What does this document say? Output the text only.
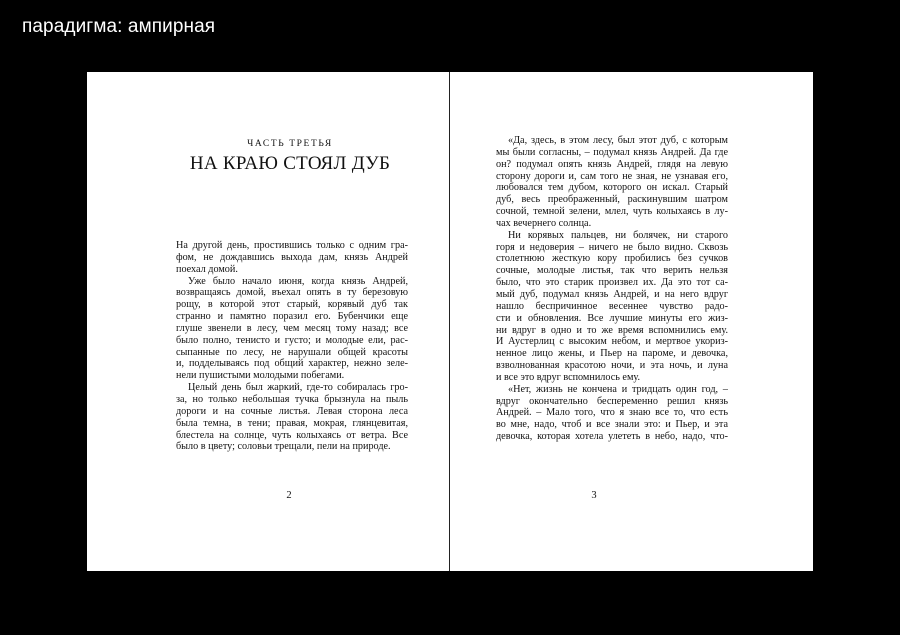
парадигма: ампирная
ЧАСТЬ ТРЕТЬЯ
НА КРАЮ СТОЯЛ ДУБ
На другой день, простившись только с одним гра-
фом, не дождавшись выхода дам, князь Андрей
поехал домой.
Уже было начало июня, когда князь Андрей,
возвращаясь домой, въехал опять в ту березовую
рощу, в которой этот старый, корявый дуб так
странно и памятно поразил его. Бубенчики еще
глуше звенели в лесу, чем месяц тому назад; все
было полно, тенисто и густо; и молодые ели, рас-
сыпанные по лесу, не нарушали общей красоты
и, подделываясь под общий характер, нежно зеле-
нели пушистыми молодыми побегами.
Целый день был жаркий, где-то собиралась гро-
за, но только небольшая тучка брызнула на пыль
дороги и на сочные листья. Левая сторона леса
была темна, в тени; правая, мокрая, глянцевитая,
блестела на солнце, чуть колыхаясь от ветра. Все
было в цвету; соловьи трещали, пели на природе.
2
«Да, здесь, в этом лесу, был этот дуб, с которым
мы были согласны, – подумал князь Андрей. Да где
он? подумал опять князь Андрей, глядя на левую
сторону дороги и, сам того не зная, не узнавая его,
любовался тем дубом, которого он искал. Старый
дуб, весь преображенный, раскинувшим шатром
сочной, темной зелени, млел, чуть колыхаясь в лу-
чах вечернего солнца.
Ни корявых пальцев, ни болячек, ни старого
горя и недоверия – ничего не было видно. Сквозь
столетнюю жесткую кору пробились без сучков
сочные, молодые листья, так что верить нельзя
было, что это старик произвел их. Да это тот са-
мый дуб, подумал князь Андрей, и на него вдруг
нашло беспричинное весеннее чувство радо-
сти и обновления. Все лучшие минуты его жиз-
ни вдруг в одно и то же время вспомнились ему.
И Аустерлиц с высоким небом, и мертвое укориз-
ненное лицо жены, и Пьер на пароме, и девочка,
взволнованная красотою ночи, и эта ночь, и луна
и все это вдруг вспомнилось ему.
«Нет, жизнь не кончена и тридцать один год, –
вдруг окончательно беспеременно решил князь
Андрей. – Мало того, что я знаю все то, что есть
во мне, надо, чтоб и все знали это: и Пьер, и эта
девочка, которая хотела улететь в небо, надо, что-
3
